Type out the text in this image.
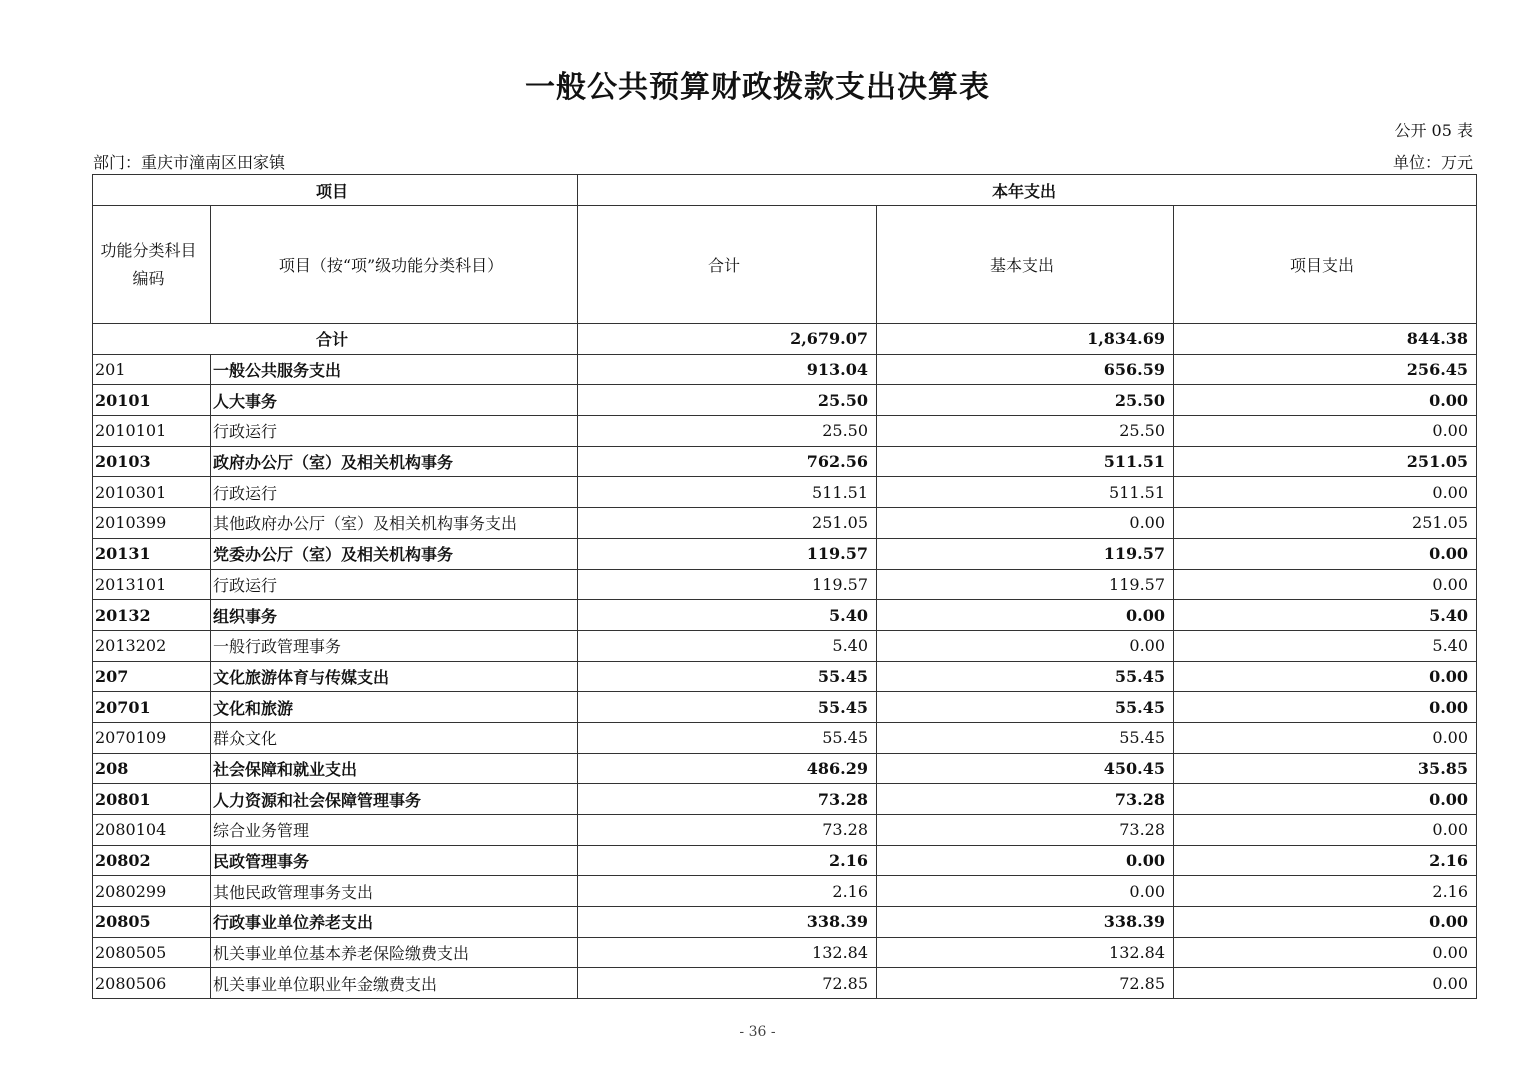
一般公共预算财政拨款支出决算表
公开 05 表
部门：重庆市潼南区田家镇	单位：万元
项目		本年支出		
功能分类科目编码	项目（按“项”级功能分类科目）	合计	基本支出	项目支出
合计		2,679.07	1,834.69	844.38
201	一般公共服务支出	913.04	656.59	256.45
20101	人大事务	25.50	25.50	0.00
2010101	行政运行	25.50	25.50	0.00
20103	政府办公厅（室）及相关机构事务	762.56	511.51	251.05
2010301	行政运行	511.51	511.51	0.00
2010399	其他政府办公厅（室）及相关机构事务支出	251.05	0.00	251.05
20131	党委办公厅（室）及相关机构事务	119.57	119.57	0.00
2013101	行政运行	119.57	119.57	0.00
20132	组织事务	5.40	0.00	5.40
2013202	一般行政管理事务	5.40	0.00	5.40
207	文化旅游体育与传媒支出	55.45	55.45	0.00
20701	文化和旅游	55.45	55.45	0.00
2070109	群众文化	55.45	55.45	0.00
208	社会保障和就业支出	486.29	450.45	35.85
20801	人力资源和社会保障管理事务	73.28	73.28	0.00
2080104	综合业务管理	73.28	73.28	0.00
20802	民政管理事务	2.16	0.00	2.16
2080299	其他民政管理事务支出	2.16	0.00	2.16
20805	行政事业单位养老支出	338.39	338.39	0.00
2080505	机关事业单位基本养老保险缴费支出	132.84	132.84	0.00
2080506	机关事业单位职业年金缴费支出	72.85	72.85	0.00
- 36 -
